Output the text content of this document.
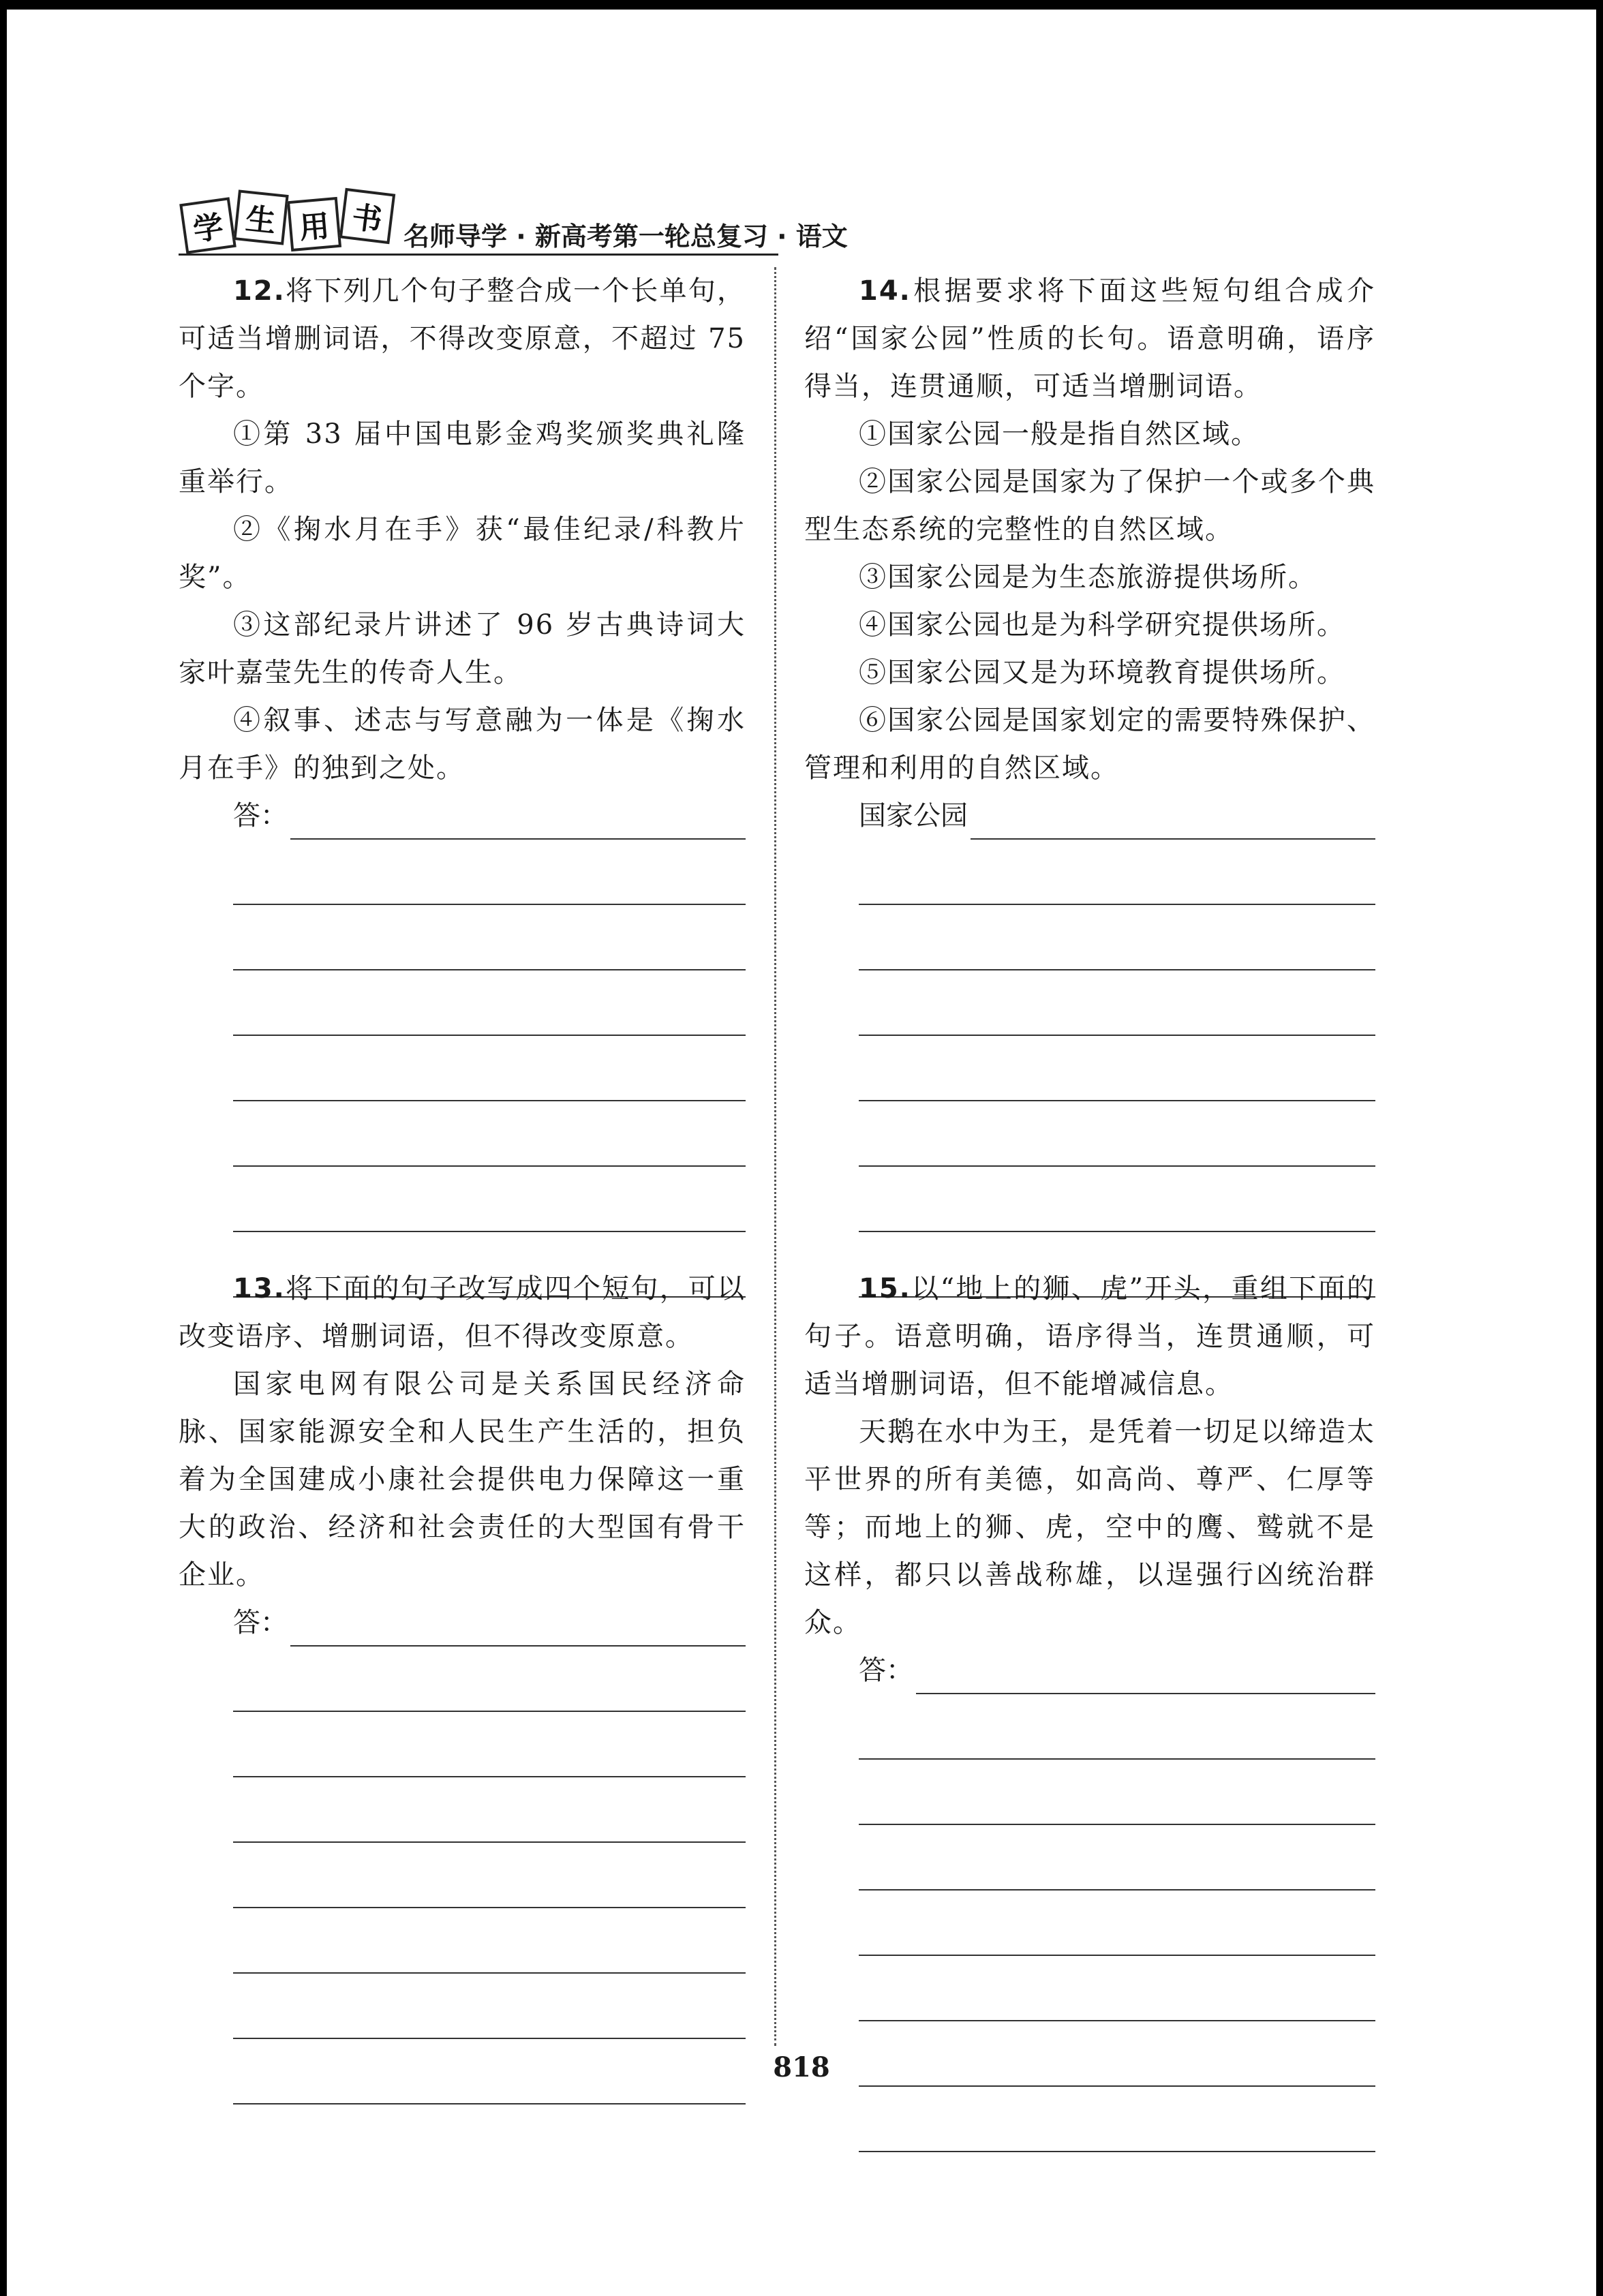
学 生 用 书 名师导学 · 新高考第一轮总复习 · 语文

12.将下列几个句子整合成一个长单句，可适当增删词语，不得改变原意，不超过 75 个字。

①第 33 届中国电影金鸡奖颁奖典礼隆重举行。

②《掬水月在手》获“最佳纪录/科教片奖”。

③这部纪录片讲述了 96 岁古典诗词大家叶嘉莹先生的传奇人生。

④叙事、述志与写意融为一体是《掬水月在手》的独到之处。

答：

13.将下面的句子改写成四个短句，可以改变语序、增删词语，但不得改变原意。

国家电网有限公司是关系国民经济命脉、国家能源安全和人民生产生活的，担负着为全国建成小康社会提供电力保障这一重大的政治、经济和社会责任的大型国有骨干企业。

答：

14.根据要求将下面这些短句组合成介绍“国家公园”性质的长句。语意明确，语序得当，连贯通顺，可适当增删词语。

①国家公园一般是指自然区域。

②国家公园是国家为了保护一个或多个典型生态系统的完整性的自然区域。

③国家公园是为生态旅游提供场所。

④国家公园也是为科学研究提供场所。

⑤国家公园又是为环境教育提供场所。

⑥国家公园是国家划定的需要特殊保护、管理和利用的自然区域。

国家公园

15.以“地上的狮、虎”开头，重组下面的句子。语意明确，语序得当，连贯通顺，可适当增删词语，但不能增减信息。

天鹅在水中为王，是凭着一切足以缔造太平世界的所有美德，如高尚、尊严、仁厚等等；而地上的狮、虎，空中的鹰、鹫就不是这样，都只以善战称雄，以逞强行凶统治群众。

答：
818
